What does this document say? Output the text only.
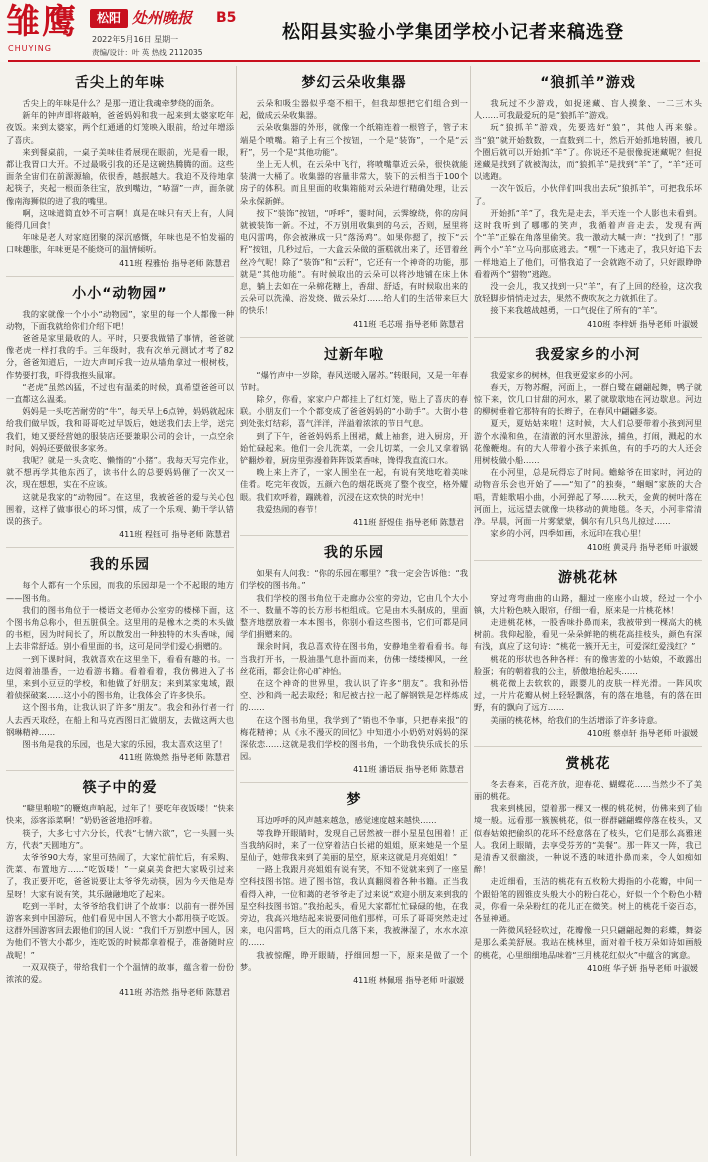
雏鹰
CHUYING
松阳 处州晚报 B5
2022年5月16日 星期一
责编/设计：叶 英 热线 2112035
松阳县实验小学集团学校小记者来稿选登
舌尖上的年味

舌尖上的年味是什么？是那一道让我魂牵梦绕的面条。

新年的钟声即将敲响，爸爸妈妈和我一起来到太婆家吃年夜饭。来到太婆家，两个红通通的灯笼映入眼前，给过年增添了喜庆。

来到餐桌前，一桌子美味佳肴展现在眼前，光是看一眼，都让我胃口大开。不过最吸引我的还是这碗热腾腾的面。这些面条全宙们在前源源输，依很香，越抿越大。我迫不及待地拿起筷子，夹起一根面条往宝，放到嘴边，“哧溜”一声，面条就像南海狮似的进了我的嘴里。

啊，这味道简直妙不可言啊！真是在味只有天上有，人间能得几回食！

年味是老人对家庭团聚的深沉感慨，年味也是不怕发福的口味趣胀，年味更是不能烧可的温情倾听。

411班 程雅怡 指导老师 陈慧君
小小“动物园”

我的家就像一个小小“动物园”，家里的每一个人都像一种动物，下面我就给你们介绍下吧！

爸爸是家里最收的人。平时，只要我做错了事情，爸爸就像老虎一样打我的手。三年级时，我有次单元测试才考了82分，爸爸知道后，一边大声呵斥我一边从墙角拿过一根树枝，作势要打我，吓得我抱头鼠窜。

“老虎”虽然凶猛，不过也有温柔的时候，真希望爸爸可以一直都这么温柔。

妈妈是一头吃苦耐劳的“牛”，每天早上6点钟，妈妈就起床给我们做早饭，我和哥哥吃过早饭后，她送我们去上学，送完我们，她又要经营她的服装店还要兼职公司的会计，一点空余时间，妈妈还要做很多家务。

我呢？就是一头贪吃、懒惰的“小猪”。我每天写完作业，就不想再学其他东西了，读书什么的总要妈妈催了一次又一次，现在想想，实在不应该。

这就是我家的“动物园”。在这里，我被爸爸的爱与关心包围着，这样了做事很心的坏习惯，成了一个乐观、勤干学认错误的孩子。

411班 程钰可 指导老师 陈慧君
我的乐园

每个人都有一个乐园，而我的乐园却是一个不起眼的地方——图书角。

我们的图书角位于一楼语文老师办公室旁的楼梯下面，这个图书角总称小，但五脏俱全。这里用的是橡木之类的木头做的书柜，因为时间长了，所以散发出一种独特的木头香味，闻上去非常舒适。别小看里面的书，这可是同学们爱心捐赠的。

一到下课时间，我就喜欢在这里坐下，看看有趣的书。一边阅着油墨香，一边看游书籍。看着看着，我仿佛进入了书里，来到小豆豆的学校，和他做了好朋友；来到某家鬼域，跟着侦探破案……这小小的图书角，让我体会了许多快乐。

这个图书角，让我认识了许多“朋友”。我会和孙行者一行人去西天取经，在船上和马克西图日汇做朋友，去做这两大也钢琳精神……

图书角是我的乐园，也是大家的乐园，我太喜欢这里了！

411班 陈焕然 指导老师 陈慧君
筷子中的爱

“噼里啪啦”的鞭炮声响起，过年了！要吃年夜饭喽！“快来快来，添客添菜啊！”奶奶爸爸地招呼着。

筷子，大多七寸六分长，代表“七情六欲”，它一头圆一头方，代表“天圆地方”。

太爷爷90大寿，家里可热闹了，大家忙前忙后，有采购、洗菜、布置地方……“吃饭喽！”一桌桌美食把大家吸引过来了，我正要开吃，爸爸说要让太爷爷先动筷，因为今天他是寿星呀！大家有说有笑，其乐融融地吃了起来。

吃到一半时，太爷爷给我们讲了个故事：以前有一群外国游客来到中国游玩，他们看见中国人不管大小都用筷子吃饭。这群外国游客回去跟他们的国人说：“我们千万别惹中国人，因为他们不管大小都少，连吃饭的时候都拿着棍子，准备随时应战呢！”

一双双筷子，带给我们一个个温情的故事，蕴含着一份份浓浓的爱。

411班 苏浩然 指导老师 陈慧君
梦幻云朵收集器

云朵和吸尘器似乎毫不相干，但我却想把它们组合到一起，做成云朵收集器。

云朵收集器的外形，就像一个纸箱连着一根管子，管子末端是个喷嘴。箱子上有三个按钮，一个是“装饰”，一个是“云籽”，另一个是“其他功能”。

坐上无人机，在云朵中飞行，将喷嘴靠近云朵，很快就能装满一大桶了。收集器的容量非常大，装下的云相当于100个房子的体积。而且里面的收集箱能对云朵进行精确处理，让云朵永保新鲜。

按下“装饰”按钮，“呼呼”，霎时间，云霁缭绕，你的房间就被装饰一新。不过，不万别用收集到的乌云，否则，屋里将电闪雷鸣，你会被淋成一只“落汤鸡”。如果你摁了，按下“云籽”按钮，几秒过后，一大盒云朵做的蛋糕就出来了，还冒着丝丝冷气呢！除了“装饰”和“云籽”，它还有一个神奇的功能，那就是“其他功能”。有时候取出的云朵可以将沙地铺在床上休息，躺上去如在一朵棉花糖上，香甜、舒适，有时候取出来的云朵可以洗澡、浴发烧、做云朵灯……给人们的生活带来巨大的快乐！

411班 毛芯瑶 指导老师 陈慧君
过新年啦

“爆竹声中一岁除，春风送暖入屠苏。”转眼间，又是一年春节时。

除夕，你看，家家户户都挂上了红灯笼，贴上了喜庆的春联。小朋友们一个个都变成了爸爸妈妈的“小助手”。大街小巷到处张灯结彩，喜气洋洋，洋溢着浓浓的节日气息。

到了下午，爸爸妈妈系上围裙，戴上袖套，进入厨房，开始忙碌起来。他们一会儿洗菜，一会儿切菜，一会儿又拿着锅铲翻炒着，厨房里弥漫着阵阵饭菜香味，馋得我直流口水。

晚上来上齐了，一家人围坐在一起，有说有笑地吃着美味佳肴。吃完年夜饭，五颜六色的烟花既亮了整个夜空，格外耀眼。我们欢呼着，蹦跳着，沉浸在这欢快的时光中！

我爱热闹的春节！

411班 舒煜佳 指导老师 陈慧君
我的乐园

如果有人问我：“你的乐园在哪里？”我一定会告诉他：“我们学校的图书角。”

我们学校的图书角位于走廊办公室的旁边，它由几个大小不一、数量不等的长方形书柜组成。它是由木头制成的，里面整齐地摆放着一本本图书，你别小看这些图书，它们可都是同学们捐赠来的。

课余时间，我总喜欢待在图书角，安静地坐着看看书。每当我打开书，一股油墨气息扑面而来，仿佛一缕缕柳风，一丝丝花雨，都会让你心旷神怡。

在这个神奇的世界里，我认识了许多“朋友”。我和孙悟空、沙和尚一起去取经；和尼被古拉一起了解钢铁是怎样炼成的……

在这个图书角里，我学到了“销也不争事，只把春来报”的梅花精神；从《永不漫灭的回忆》中知道小小奶奶对妈妈的深深依恋……这就是我们学校的图书角，一个助我快乐成长的乐园。

411班 潘语辰 指导老师 陈慧君
梦

耳边呼呼的风声越来越急，感觉速度越来越快……

等我睁开眼睛时，发现自己居然被一群小星星包围着！正当我纳闷时，来了一位穿着洁白长裙的姐姐，原来她是一个星星仙子，她带我来到了美丽的星空，原来这就是月亮姐姐！”

一路上我跟月亮姐姐有说有笑，不知不觉就来到了一座星空科技图书馆。进了图书馆，我认真翻阅着各种书籍。正当我看得入神，一位和蔼的老爷爷走了过来说“欢迎小朋友来到我的星空科技图书馆。”我抬起头，看见大家都忙忙碌碌的他，在我旁边，我高兴地结起来说要同他们那样，可乐了哥哥突然走过来，电闪雷鸣，巨大的雨点几落下来，我被淋湿了，水水水凉的……

我被惊醒，睁开眼睛，抒细回想一下，原来是做了一个梦。

411班 林佩瑶 指导老师 叶淑媛
“狼抓羊”游戏

我玩过不少游戏，如捉迷藏、盲人摸象、一二三木头人……可我最爱玩的是“狼抓羊”游戏。

玩“狼抓羊”游戏，先要选好“狼”，其他人再来躲。当“狼”就开始数数，一直数到二十，然后开始抓地转圈，被几个圈后就可以开始抓“羊”了。你说还不是很像捉迷藏呢？但捉迷藏是找到了就被淘汰，而“狼抓羊”是找到“羊”了，“羊”还可以逃跑。

一次午饭后，小伙伴们叫我出去玩“狼抓羊”，可把我乐坏了。

开始抓“羊”了，我先是走去，半天连一个人影也未看到。这时我听到了哪哪的笑声，我循着声音走去，发现有两个“羊”正躲在角落里偷笑。我一激动大喊一声：“找到了！”那两个小“羊”立马向那底逃去。“嘿”一下逃走了，我只好追下去一样地追上了他们，可惜我追了一会就跑不动了，只好跟睁睁看着两个“猎物”逃跑。

没一会儿，我又找到一只“羊”，有了上回的经验，这次我放轻脚步悄悄走过去，果然不费吹灰之力就抓住了。

接下来我越战越勇，一口气捉住了所有的“羊”。

410班 李梓妍 指导老师 叶淑媛
我爱家乡的小河

我爱家乡的树林，但我更爱家乡的小河。

春天，万物苏醒，河面上，一群白鹭在翩翩起舞，鸭子就惊下来，饮几口甘甜的河水，累了就歇歇地在河边歇息。河边的柳树垂着它那特有的长辫子，在春风中翩翩多姿。

夏天，夏姑姑来啦！这时候，大人们总要带着小孩到河里游个水澡和鱼，在清澈的河水里游泳，捕鱼，打闹，溅起的水花像鞭炮。有的大人带着小孩子来抓鱼，有的手巧的大人还会用树枝做小船……

在小河里，总是玩得忘了时间。蟾蜍爷在田家时，河边的动物音乐会也开始了——“知了”的独奏，“蝈蝈”家族的大合唱，青蛙歌唱小曲，小河弹起了琴……秋天，金黄的树叶落在河面上，远远望去就像一块移动的黄地毯。冬天，小河非常清净。早晨，河面一片雾蒙蒙，偶尔有几只鸟儿掠过……

家乡的小河，四季如画，永远印在我心里！

410班 黄灵丹 指导老师 叶淑媛
游桃花林

穿过弯弯曲曲的山路，翻过一座座小山坡，经过一个小镇，大片粉色映入眼帘，仔细一看，原来是一片桃花林！

走进桃花林，一股香味扑鼻而来，我被带到一棵高大的桃树前。我仰起脸，看见一朵朵鲜艳的桃花高挂枝头，颜色有深有浅，真应了这句诗：“桃花一簇开无主，可爱深红爱浅红？”

桃花的形状也各种各样：有的像害羞的小姑娘，不敢露出脸蛋；有的朝着我的公主，骄傲地抬起头……

桃花微上去软软的，跟婴儿的皮肤一样光滑。一阵风吹过，一片片花瓣从树上轻轻飘落，有的落在地毯，有的落在田野，有的飘向了远方……

美丽的桃花林，给我们的生活增添了许多诗意。

410班 蔡卓轩 指导老师 叶淑媛
赏桃花

冬去春来，百花齐放，迎春花、蝴蝶花……当然少不了美丽的桃花。

我来到桃园，望着那一棵又一棵的桃花树，仿佛来到了仙境一般。远看那一簇簇桃花，似一群群翩翩蝶停落在枝头，又似春姑娘把偷织的花环不经意落在了枝头，它们是那么高雅迷人。我闭上眼睛，去享受芬芳的“美餐”。那一阵又一阵，我已是清香又很幽淡，一种说不透的味道扑鼻而来，令人如痴如醉！

走近细看，玉洁的桃花有五枚粉大拇指的小花瓣，中间一个跟铅笔的圆锥皮头般大小的粉白花心，好似一个个粉色小精灵，你看一朵朵粉红的花儿正在微笑。树上的桃花千姿百态，各显神通。

一阵微风轻轻吹过，花瓣像一只只翩翩起舞的彩蝶，舞姿是那么柔美舒展。我站在桃林里，面对着千枝万朵如诗如画般的桃花，心里细细地品味着“三月桃花红似火”中蕴含的寓意。

410班 华子妍 指导老师 叶淑媛
